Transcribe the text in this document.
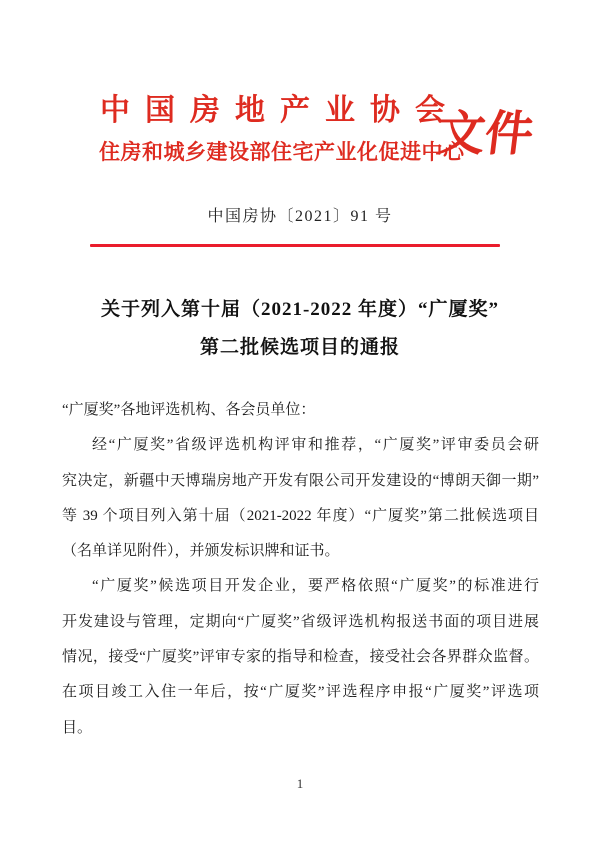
中国房地产业协会
住房和城乡建设部住宅产业化促进中心
文件
中国房协〔2021〕91 号
关于列入第十届（2021-2022 年度）“广厦奖”
第二批候选项目的通报
“广厦奖”各地评选机构、各会员单位：
经“广厦奖”省级评选机构评审和推荐，“广厦奖”评审委员会研
究决定，新疆中天博瑞房地产开发有限公司开发建设的“博朗天御一期”
等 39 个项目列入第十届（2021-2022 年度）“广厦奖”第二批候选项目
（名单详见附件），并颁发标识牌和证书。
“广厦奖”候选项目开发企业，要严格依照“广厦奖”的标准进行
开发建设与管理，定期向“广厦奖”省级评选机构报送书面的项目进展
情况，接受“广厦奖”评审专家的指导和检查，接受社会各界群众监督。
在项目竣工入住一年后，按“广厦奖”评选程序申报“广厦奖”评选项
目。
1
